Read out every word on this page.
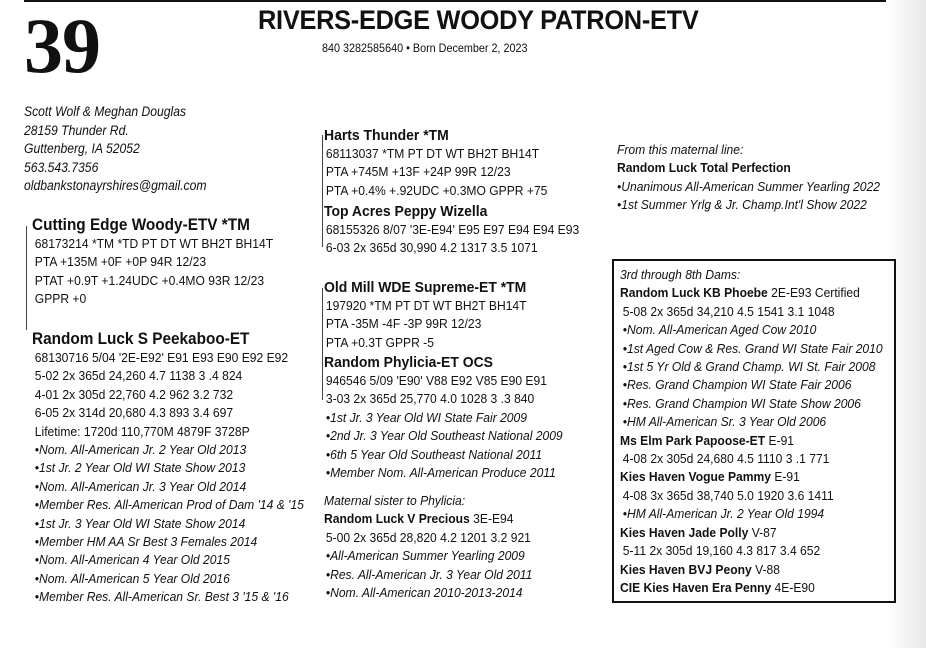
39	RIVERS-EDGE WOODY PATRON-ETV
840 3282585640 • Born December 2, 2023
Scott Wolf & Meghan Douglas
28159 Thunder Rd.
Guttenberg, IA 52052
563.543.7356
oldbankstonayrshires@gmail.com
Cutting Edge Woody-ETV *TM
68173214 *TM *TD PT DT WT BH2T BH14T
PTA +135M +0F +0P 94R 12/23
PTAT +0.9T +1.24UDC +0.4MO 93R 12/23
GPPR +0
Random Luck S Peekaboo-ET
68130716 5/04 '2E-E92' E91 E93 E90 E92 E92
5-02 2x 365d 24,260 4.7 1138 3 .4 824
4-01 2x 305d 22,760 4.2 962 3.2 732
6-05 2x 314d 20,680 4.3 893 3.4 697
Lifetime: 1720d 110,770M 4879F 3728P
•Nom. All-American Jr. 2 Year Old 2013
•1st Jr. 2 Year Old WI State Show 2013
•Nom. All-American Jr. 3 Year Old 2014
•Member Res. All-American Prod of Dam '14 & '15
•1st Jr. 3 Year Old WI State Show 2014
•Member HM AA Sr Best 3 Females 2014
•Nom. All-American 4 Year Old 2015
•Nom. All-American 5 Year Old 2016
•Member Res. All-American Sr. Best 3 '15 & '16
Harts Thunder *TM
68113037 *TM PT DT WT BH2T BH14T
PTA +745M +13F +24P 99R 12/23
PTA +0.4% +.92UDC +0.3MO GPPR +75
Top Acres Peppy Wizella
68155326 8/07 '3E-E94' E95 E97 E94 E94 E93
6-03 2x 365d 30,990 4.2 1317 3.5 1071
Old Mill WDE Supreme-ET *TM
197920 *TM PT DT WT BH2T BH14T
PTA -35M -4F -3P 99R 12/23
PTA +0.3T GPPR -5
Random Phylicia-ET OCS
946546 5/09 'E90' V88 E92 V85 E90 E91
3-03 2x 365d 25,770 4.0 1028 3 .3 840
•1st Jr. 3 Year Old WI State Fair 2009
•2nd Jr. 3 Year Old Southeast National 2009
•6th 5 Year Old Southeast National 2011
•Member Nom. All-American Produce 2011
Maternal sister to Phylicia:
Random Luck V Precious 3E-E94
5-00 2x 365d 28,820 4.2 1201 3.2 921
•All-American Summer Yearling 2009
•Res. All-American Jr. 3 Year Old 2011
•Nom. All-American 2010-2013-2014
From this maternal line:
Random Luck Total Perfection
•Unanimous All-American Summer Yearling 2022
•1st Summer Yrlg & Jr. Champ.Int'l Show 2022
3rd through 8th Dams:
Random Luck KB Phoebe 2E-E93 Certified
5-08 2x 365d 34,210 4.5 1541 3.1 1048
•Nom. All-American Aged Cow 2010
•1st Aged Cow & Res. Grand WI State Fair 2010
•1st 5 Yr Old & Grand Champ. WI St. Fair 2008
•Res. Grand Champion WI State Fair 2006
•Res. Grand Champion WI State Show 2006
•HM All-American Sr. 3 Year Old 2006
Ms Elm Park Papoose-ET E-91
4-08 2x 305d 24,680 4.5 1110 3 .1 771
Kies Haven Vogue Pammy E-91
4-08 3x 365d 38,740 5.0 1920 3.6 1411
•HM All-American Jr. 2 Year Old 1994
Kies Haven Jade Polly V-87
5-11 2x 305d 19,160 4.3 817 3.4 652
Kies Haven BVJ Peony V-88
CIE Kies Haven Era Penny 4E-E90
